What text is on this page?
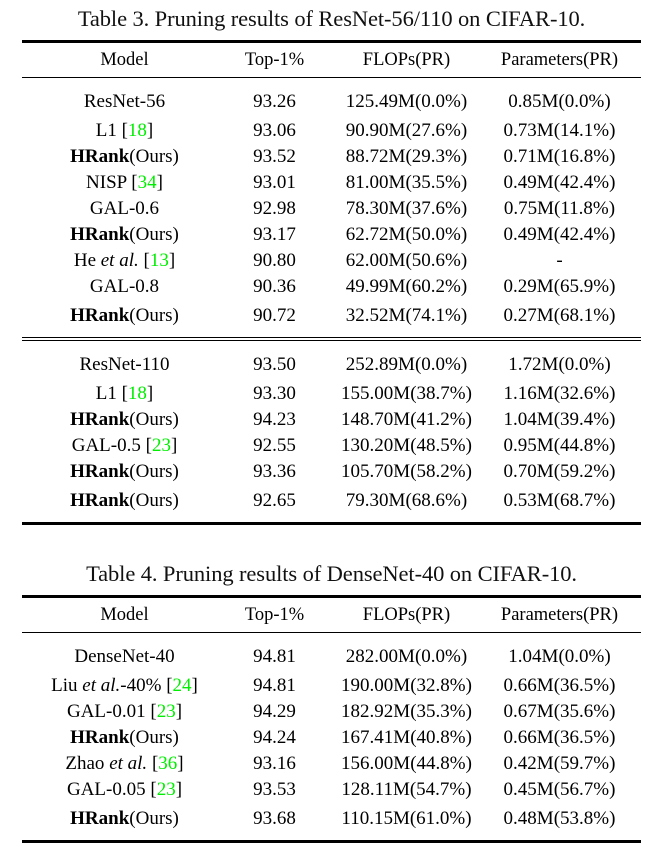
Table 3. Pruning results of ResNet-56/110 on CIFAR-10.
Model	Top-1%	FLOPs(PR)	Parameters(PR)
ResNet-56	93.26	125.49M(0.0%)	0.85M(0.0%)
L1 [18]	93.06	90.90M(27.6%)	0.73M(14.1%)
HRank(Ours)	93.52	88.72M(29.3%)	0.71M(16.8%)
NISP [34]	93.01	81.00M(35.5%)	0.49M(42.4%)
GAL-0.6	92.98	78.30M(37.6%)	0.75M(11.8%)
HRank(Ours)	93.17	62.72M(50.0%)	0.49M(42.4%)
He et al. [13]	90.80	62.00M(50.6%)	-
GAL-0.8	90.36	49.99M(60.2%)	0.29M(65.9%)
HRank(Ours)	90.72	32.52M(74.1%)	0.27M(68.1%)
ResNet-110	93.50	252.89M(0.0%)	1.72M(0.0%)
L1 [18]	93.30	155.00M(38.7%)	1.16M(32.6%)
HRank(Ours)	94.23	148.70M(41.2%)	1.04M(39.4%)
GAL-0.5 [23]	92.55	130.20M(48.5%)	0.95M(44.8%)
HRank(Ours)	93.36	105.70M(58.2%)	0.70M(59.2%)
HRank(Ours)	92.65	79.30M(68.6%)	0.53M(68.7%)
Table 4. Pruning results of DenseNet-40 on CIFAR-10.
Model	Top-1%	FLOPs(PR)	Parameters(PR)
DenseNet-40	94.81	282.00M(0.0%)	1.04M(0.0%)
Liu et al.-40% [24]	94.81	190.00M(32.8%)	0.66M(36.5%)
GAL-0.01 [23]	94.29	182.92M(35.3%)	0.67M(35.6%)
HRank(Ours)	94.24	167.41M(40.8%)	0.66M(36.5%)
Zhao et al. [36]	93.16	156.00M(44.8%)	0.42M(59.7%)
GAL-0.05 [23]	93.53	128.11M(54.7%)	0.45M(56.7%)
HRank(Ours)	93.68	110.15M(61.0%)	0.48M(53.8%)
